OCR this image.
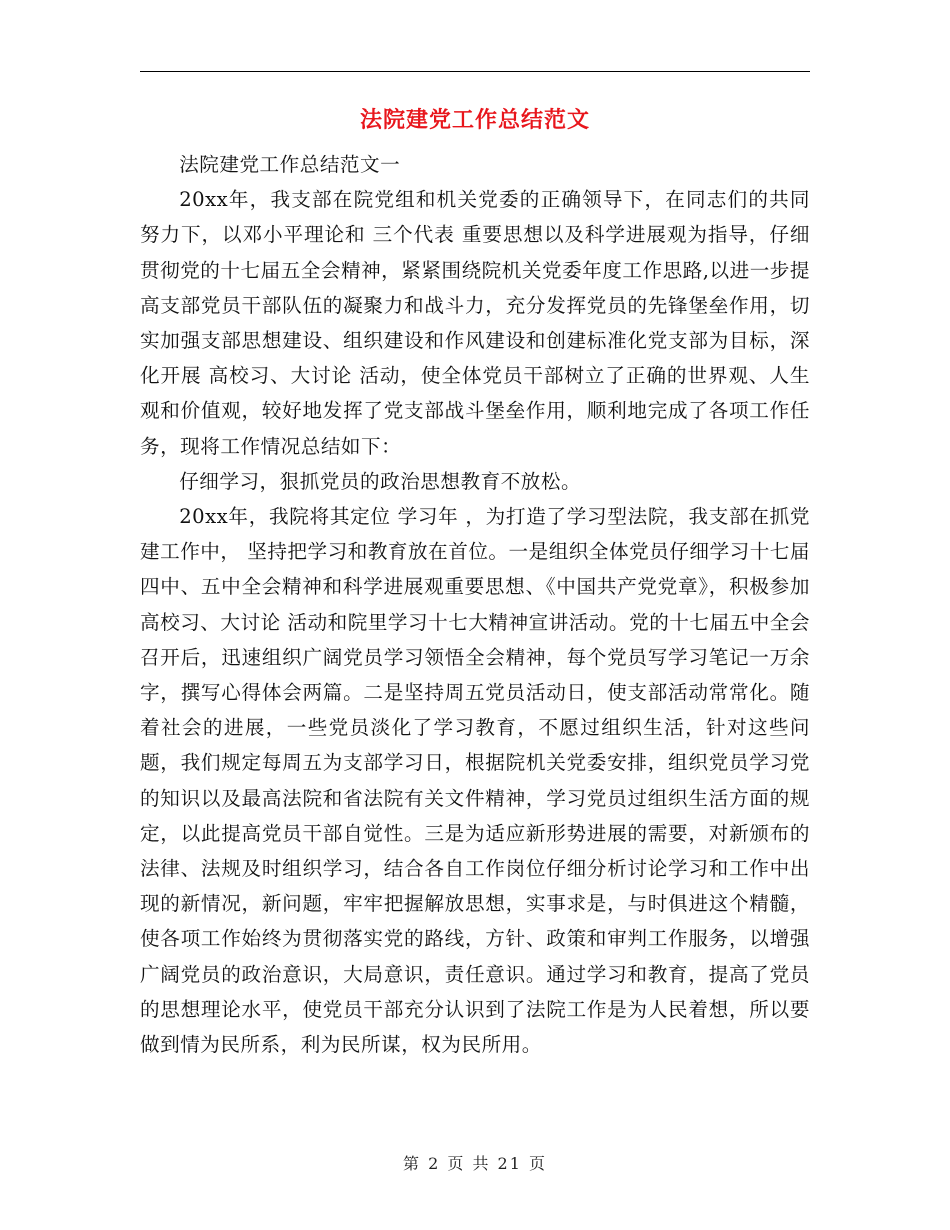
法院建党工作总结范文

法院建党工作总结范文一

20xx年，我支部在院党组和机关党委的正确领导下，在同志们的共同努力下，以邓小平理论和 三个代表 重要思想以及科学进展观为指导，仔细贯彻党的十七届五全会精神，紧紧围绕院机关党委年度工作思路,以进一步提高支部党员干部队伍的凝聚力和战斗力，充分发挥党员的先锋堡垒作用，切实加强支部思想建设、组织建设和作风建设和创建标准化党支部为目标，深化开展 高校习、大讨论 活动，使全体党员干部树立了正确的世界观、人生观和价值观，较好地发挥了党支部战斗堡垒作用，顺利地完成了各项工作任务，现将工作情况总结如下：

仔细学习，狠抓党员的政治思想教育不放松。

20xx年，我院将其定位 学习年 ，为打造了学习型法院，我支部在抓党建工作中， 坚持把学习和教育放在首位。一是组织全体党员仔细学习十七届四中、五中全会精神和科学进展观重要思想、《中国共产党党章》，积极参加 高校习、大讨论 活动和院里学习十七大精神宣讲活动。党的十七届五中全会召开后，迅速组织广阔党员学习领悟全会精神，每个党员写学习笔记一万余字，撰写心得体会两篇。二是坚持周五党员活动日，使支部活动常常化。随着社会的进展，一些党员淡化了学习教育，不愿过组织生活，针对这些问题，我们规定每周五为支部学习日，根据院机关党委安排，组织党员学习党的知识以及最高法院和省法院有关文件精神，学习党员过组织生活方面的规定，以此提高党员干部自觉性。三是为适应新形势进展的需要，对新颁布的法律、法规及时组织学习，结合各自工作岗位仔细分析讨论学习和工作中出现的新情况，新问题，牢牢把握解放思想，实事求是，与时俱进这个精髓，使各项工作始终为贯彻落实党的路线，方针、政策和审判工作服务，以增强广阔党员的政治意识，大局意识，责任意识。通过学习和教育，提高了党员的思想理论水平，使党员干部充分认识到了法院工作是为人民着想，所以要做到情为民所系，利为民所谋，权为民所用。

第 2 页 共 21 页
